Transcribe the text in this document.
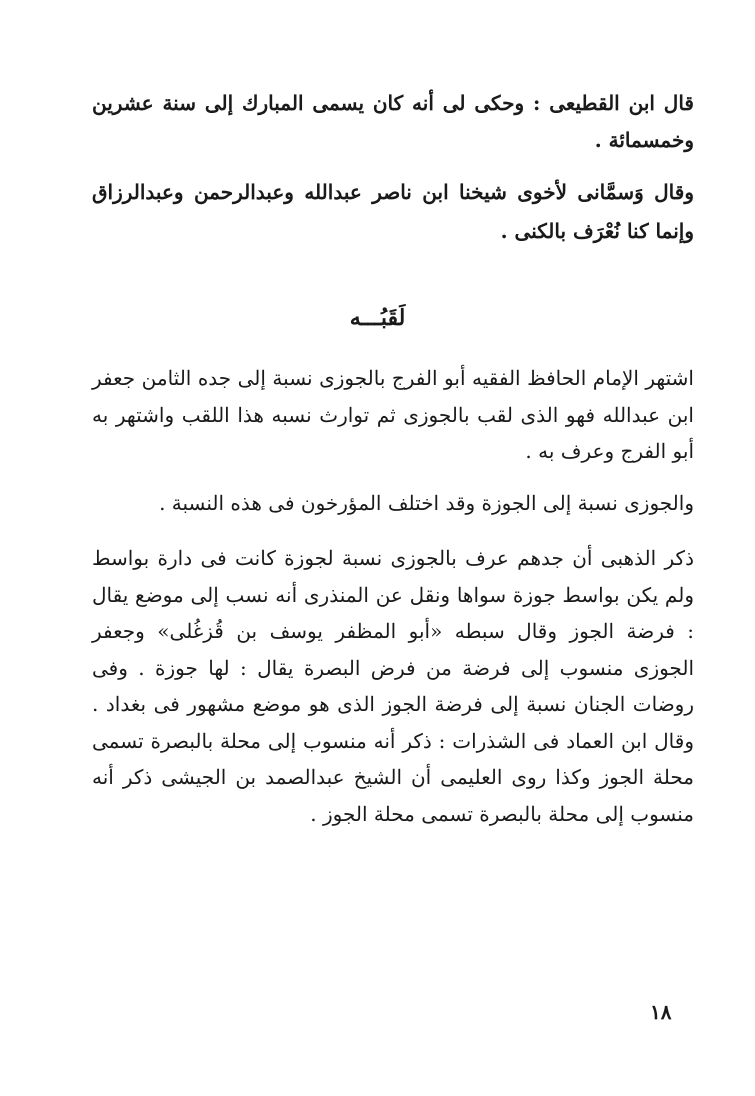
قال ابن القطيعى : وحكى لى أنه كان يسمى المبارك إلى سنة عشرين وخمسمائة .

وقال وَسمَّانى لأخوى شيخنا ابن ناصر عبدالله وعبدالرحمن وعبدالرزاق وإنما كنا نُعْرَف بالكنى .

لَقَبُـــه

اشتهر الإمام الحافظ الفقيه أبو الفرج بالجوزى نسبة إلى جده الثامن جعفر ابن عبدالله فهو الذى لقب بالجوزى ثم توارث نسبه هذا اللقب واشتهر به أبو الفرج وعرف به .

والجوزى نسبة إلى الجوزة وقد اختلف المؤرخون فى هذه النسبة .

ذكر الذهبى أن جدهم عرف بالجوزى نسبة لجوزة كانت فى دارة بواسط ولم يكن بواسط جوزة سواها ونقل عن المنذرى أنه نسب إلى موضع يقال : فرضة الجوز وقال سبطه «أبو المظفر يوسف بن قُزغُلى» وجعفر الجوزى منسوب إلى فرضة من فرض البصرة يقال : لها جوزة . وفى روضات الجنان نسبة إلى فرضة الجوز الذى هو موضع مشهور فى بغداد . وقال ابن العماد فى الشذرات : ذكر أنه منسوب إلى محلة بالبصرة تسمى محلة الجوز وكذا روى العليمى أن الشيخ عبدالصمد بن الجيشى ذكر أنه منسوب إلى محلة بالبصرة تسمى محلة الجوز .

١٨
